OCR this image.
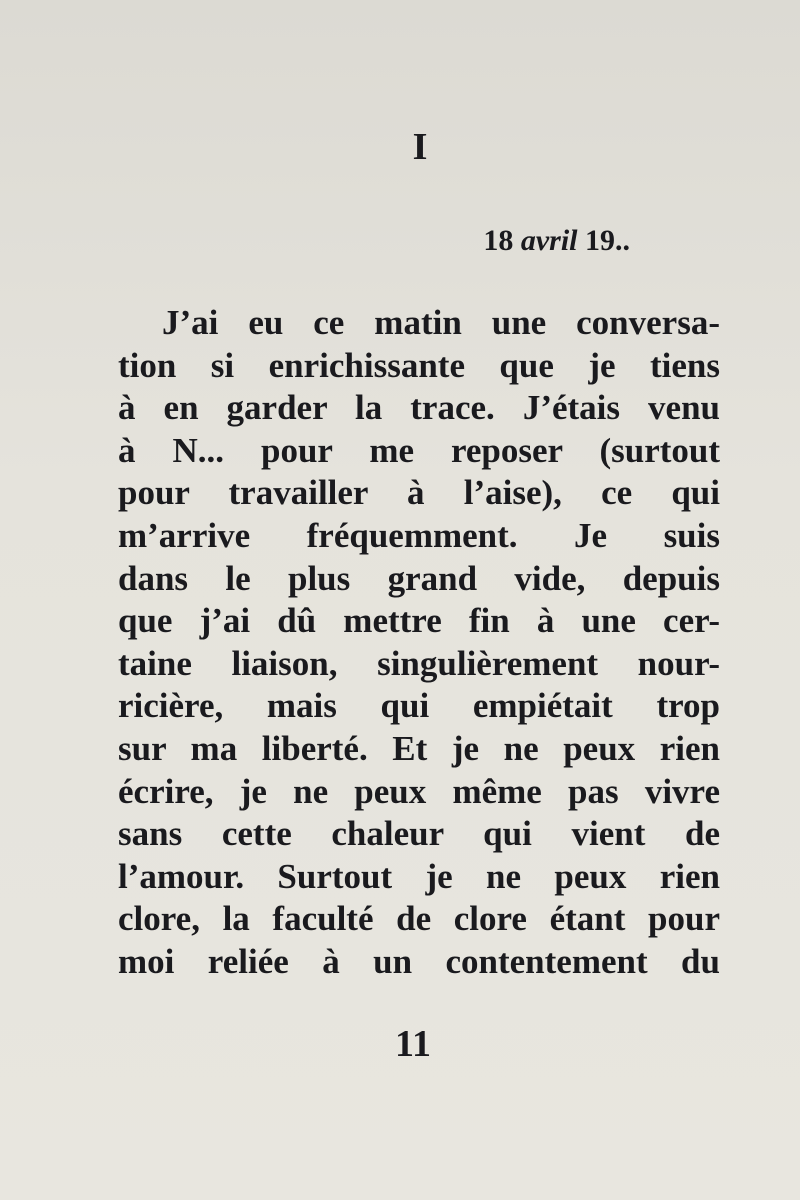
I
18 avril 19..
J’ai eu ce matin une conversa-
tion si enrichissante que je tiens
à en garder la trace. J’étais venu
à N... pour me reposer (surtout
pour travailler à l’aise), ce qui
m’arrive fréquemment. Je suis
dans le plus grand vide, depuis
que j’ai dû mettre fin à une cer-
taine liaison, singulièrement nour-
ricière, mais qui empiétait trop
sur ma liberté. Et je ne peux rien
écrire, je ne peux même pas vivre
sans cette chaleur qui vient de
l’amour. Surtout je ne peux rien
clore, la faculté de clore étant pour
moi reliée à un contentement du
11
